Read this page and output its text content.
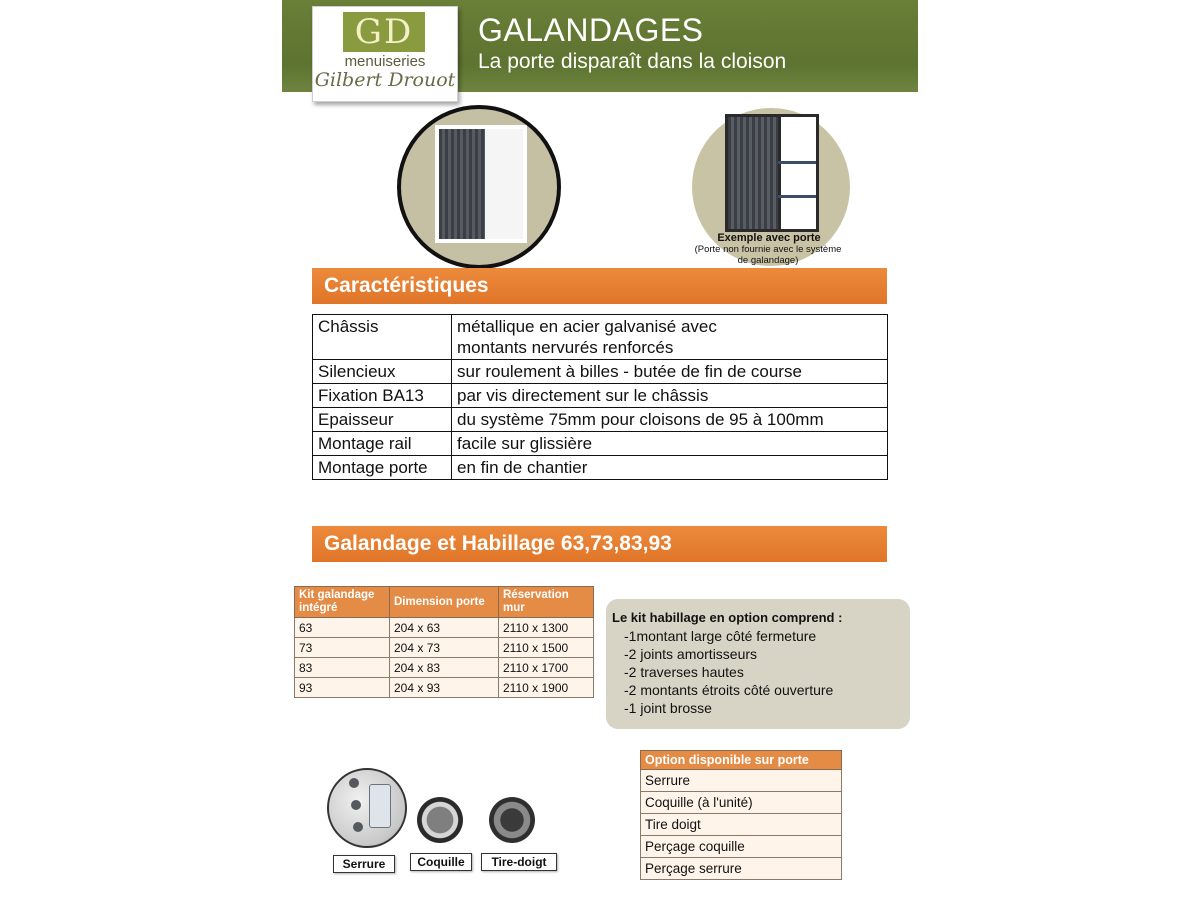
GD
menuiseries
Gilbert Drouot
GALANDAGES
La porte disparaît dans la cloison
Exemple avec porte
(Porte non fournie avec le système de galandage)
Caractéristiques
Châssis	métallique en acier galvanisé avec
montants nervurés renforcés

Silencieux	sur roulement à billes - butée de fin de course
Fixation BA13	par vis directement sur le châssis
Epaisseur	du système 75mm pour cloisons de 95 à 100mm
Montage rail	facile sur glissière
Montage porte	en fin de chantier
Galandage et Habillage 63,73,83,93
Kit galandage intégré	Dimension porte	Réservation mur
63	204 x 63	2110 x 1300
73	204 x 73	2110 x 1500
83	204 x 83	2110 x 1700
93	204 x 93	2110 x 1900
Le kit habillage en option comprend :
-1montant large côté fermeture
-2 joints amortisseurs
-2 traverses hautes
-2 montants étroits côté ouverture
-1 joint brosse
Serrure	Coquille	Tire-doigt
Option disponible sur porte
Serrure
Coquille (à l'unité)
Tire doigt
Perçage coquille
Perçage serrure
